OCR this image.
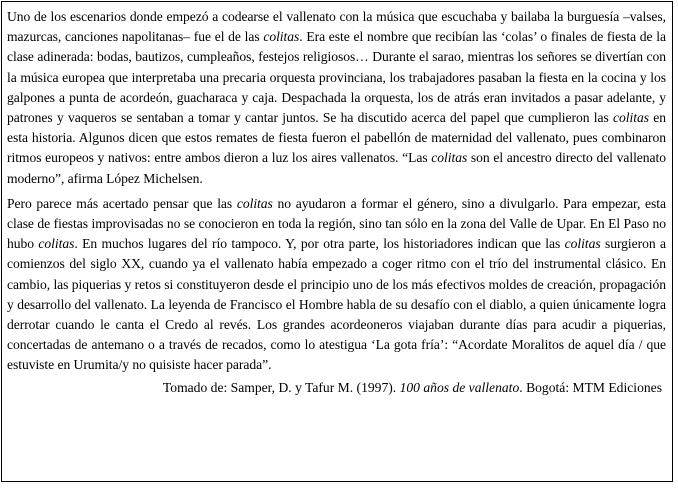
Uno de los escenarios donde empezó a codearse el vallenato con la música que escuchaba y bailaba la burguesía –valses, mazurcas, canciones napolitanas– fue el de las colitas. Era este el nombre que recibían las ‘colas’ o finales de fiesta de la clase adinerada: bodas, bautizos, cumpleaños, festejos religiosos… Durante el sarao, mientras los señores se divertían con la música europea que interpretaba una precaria orquesta provinciana, los trabajadores pasaban la fiesta en la cocina y los galpones a punta de acordeón, guacharaca y caja. Despachada la orquesta, los de atrás eran invitados a pasar adelante, y patrones y vaqueros se sentaban a tomar y cantar juntos. Se ha discutido acerca del papel que cumplieron las colitas en esta historia. Algunos dicen que estos remates de fiesta fueron el pabellón de maternidad del vallenato, pues combinaron ritmos europeos y nativos: entre ambos dieron a luz los aires vallenatos. “Las colitas son el ancestro directo del vallenato moderno”, afirma López Michelsen.

Pero parece más acertado pensar que las colitas no ayudaron a formar el género, sino a divulgarlo. Para empezar, esta clase de fiestas improvisadas no se conocieron en toda la región, sino tan sólo en la zona del Valle de Upar. En El Paso no hubo colitas. En muchos lugares del río tampoco. Y, por otra parte, los historiadores indican que las colitas surgieron a comienzos del siglo XX, cuando ya el vallenato había empezado a coger ritmo con el trío del instrumental clásico. En cambio, las piquerias y retos si constituyeron desde el principio uno de los más efectivos moldes de creación, propagación y desarrollo del vallenato. La leyenda de Francisco el Hombre habla de su desafío con el diablo, a quien únicamente logra derrotar cuando le canta el Credo al revés. Los grandes acordeoneros viajaban durante días para acudir a piquerias, concertadas de antemano o a través de recados, como lo atestigua ‘La gota fría’: “Acordate Moralitos de aquel día / que estuviste en Urumita/y no quisiste hacer parada”.

Tomado de: Samper, D. y Tafur M. (1997). 100 años de vallenato. Bogotá: MTM Ediciones
